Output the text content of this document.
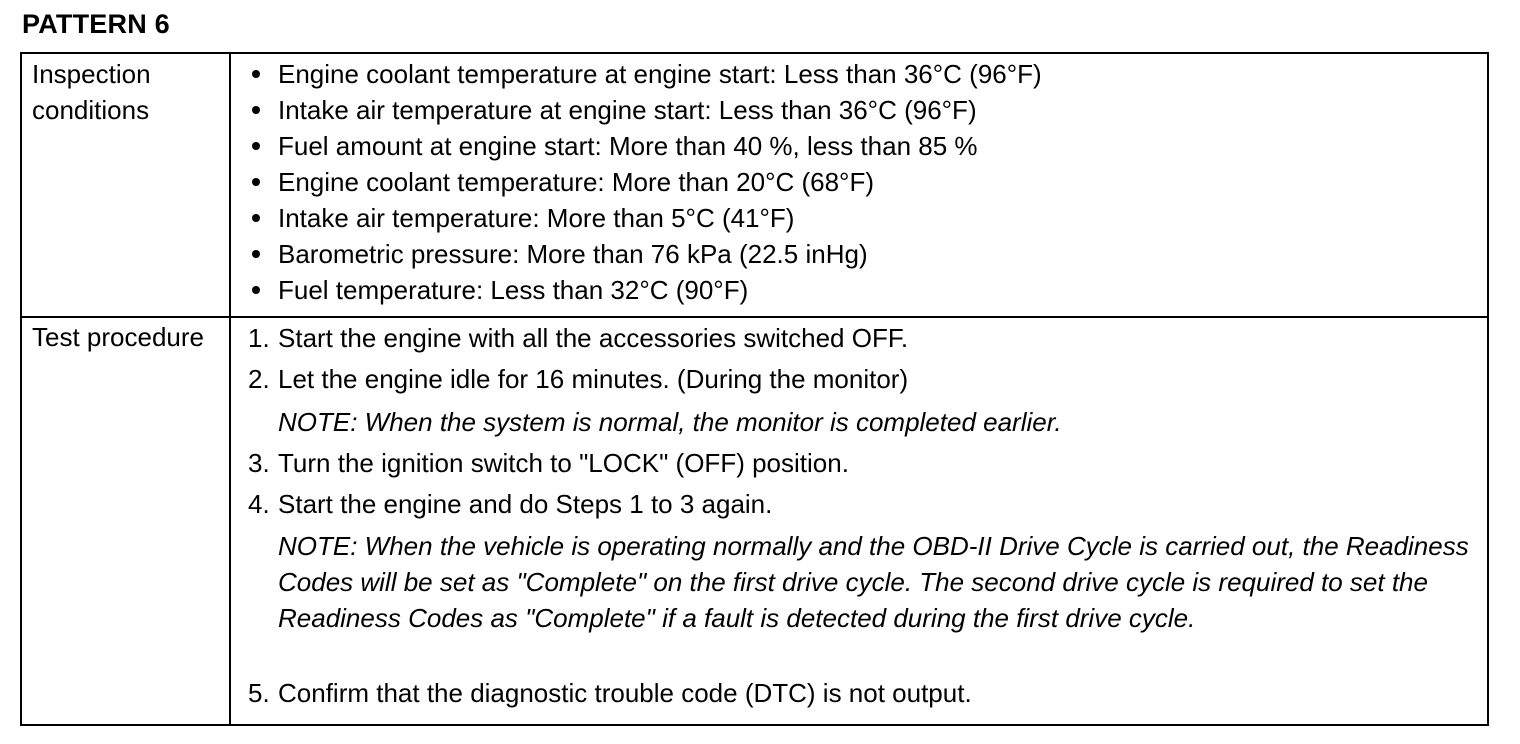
PATTERN 6
Inspection conditions
Engine coolant temperature at engine start: Less than 36°C (96°F)
Intake air temperature at engine start: Less than 36°C (96°F)
Fuel amount at engine start: More than 40 %, less than 85 %
Engine coolant temperature: More than 20°C (68°F)
Intake air temperature: More than 5°C (41°F)
Barometric pressure: More than 76 kPa (22.5 inHg)
Fuel temperature: Less than 32°C (90°F)
Test procedure	1. Start the engine with all the accessories switched OFF.
2. Let the engine idle for 16 minutes. (During the monitor)
NOTE: When the system is normal, the monitor is completed earlier.
3. Turn the ignition switch to "LOCK" (OFF) position.
4. Start the engine and do Steps 1 to 3 again.
NOTE: When the vehicle is operating normally and the OBD-II Drive Cycle is carried out, the Readiness Codes will be set as "Complete" on the first drive cycle. The second drive cycle is required to set the Readiness Codes as "Complete" if a fault is detected during the first drive cycle.
5. Confirm that the diagnostic trouble code (DTC) is not output.
